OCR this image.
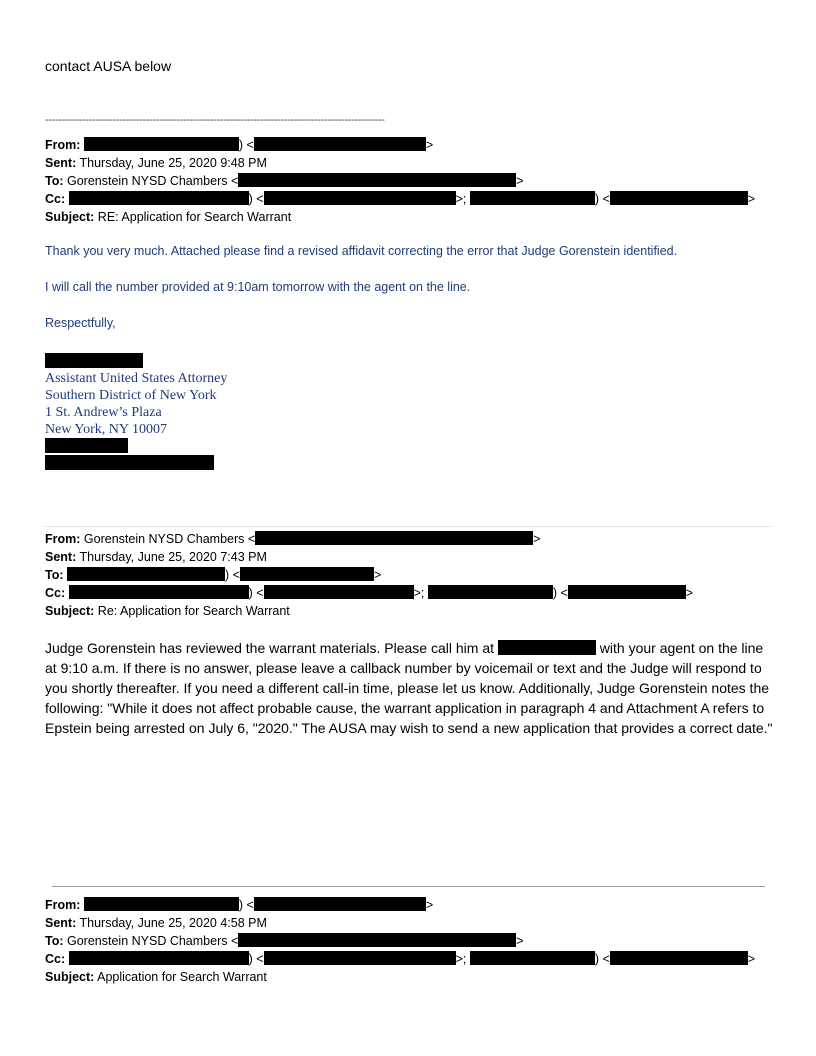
contact AUSA below
-----------------------------------------------------------------------------------------------------
From:	) <	>
Sent: Thursday, June 25, 2020 9:48 PM
To: Gorenstein NYSD Chambers <	>
Cc:	) <	>;	) <	>
Subject: RE: Application for Search Warrant
Thank you very much. Attached please find a revised affidavit correcting the error that Judge Gorenstein identified.
I will call the number provided at 9:10am tomorrow with the agent on the line.
Respectfully,
Assistant United States Attorney
Southern District of New York
1 St. Andrew’s Plaza
New York, NY 10007
From: Gorenstein NYSD Chambers <	>
Sent: Thursday, June 25, 2020 7:43 PM
To:	) <	>
Cc:	) <	>;	) <	>
Subject: Re: Application for Search Warrant
Judge Gorenstein has reviewed the warrant materials. Please call him at	with your agent on the line at 9:10 a.m. If there is no answer, please leave a callback number by voicemail or text and the Judge will respond to you shortly thereafter. If you need a different call-in time, please let us know. Additionally, Judge Gorenstein notes the following: "While it does not affect probable cause, the warrant application in paragraph 4 and Attachment A refers to Epstein being arrested on July 6, "2020." The AUSA may wish to send a new application that provides a correct date."
From:	) <	>
Sent: Thursday, June 25, 2020 4:58 PM
To: Gorenstein NYSD Chambers <	>
Cc:	) <	>;	) <	>
Subject: Application for Search Warrant
